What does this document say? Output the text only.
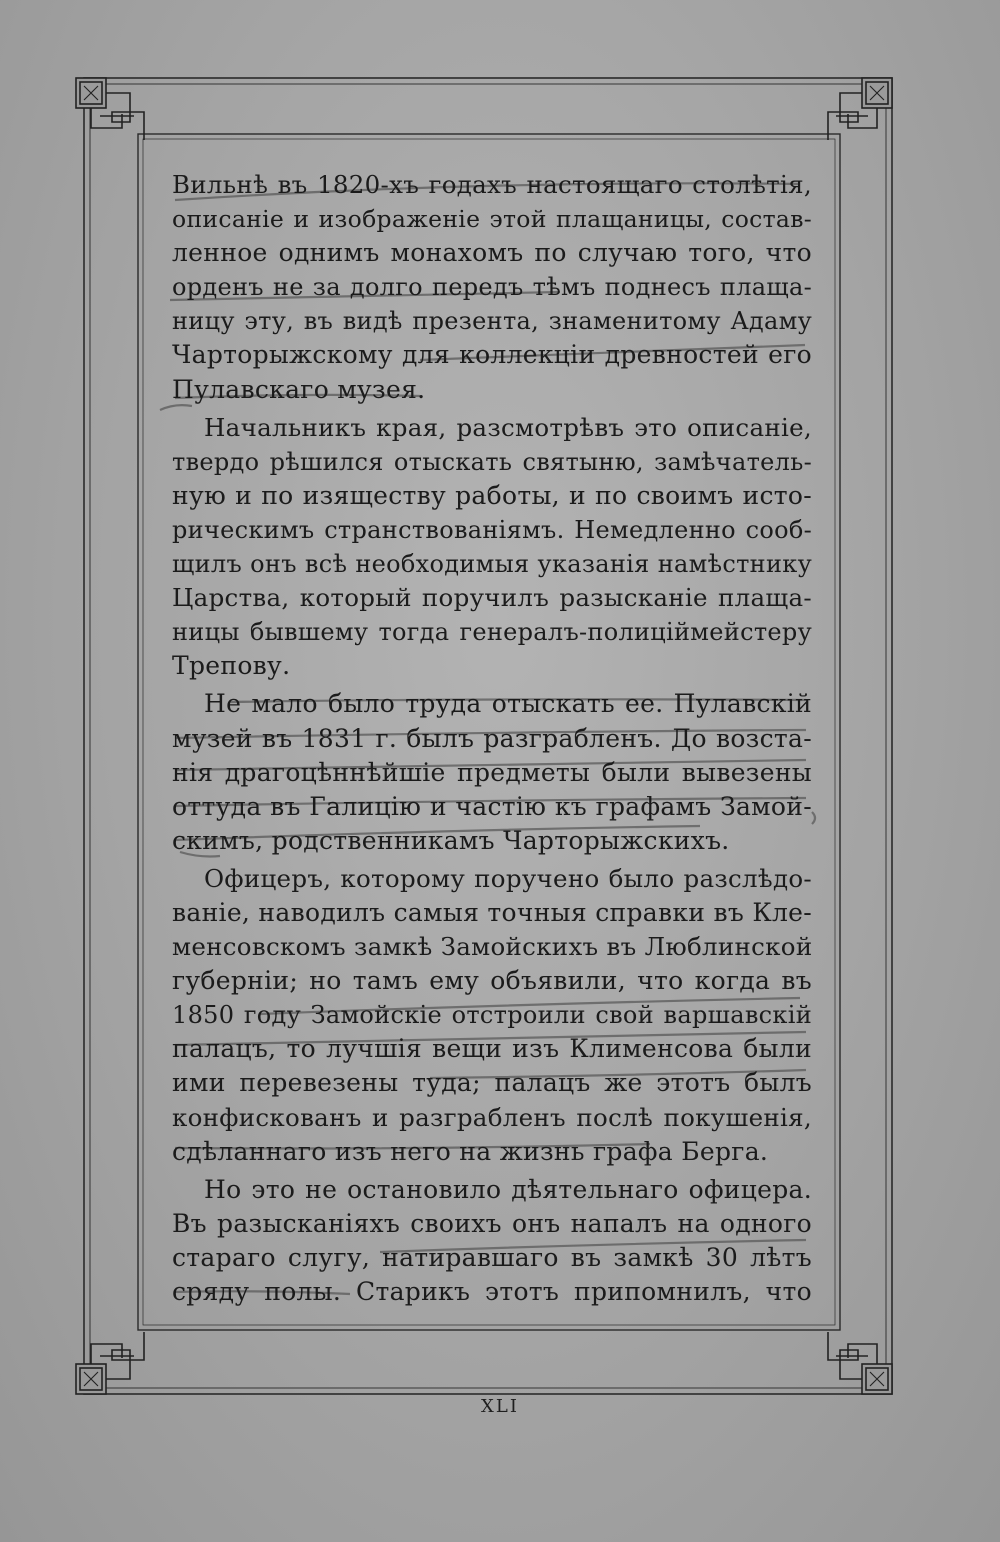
Вильнѣ въ 1820-хъ годахъ настоящаго столѣтія,
описаніе и изображеніе этой плащаницы, состав-
ленное однимъ монахомъ по случаю того, что
орденъ не за долго передъ тѣмъ поднесъ плаща-
ницу эту, въ видѣ презента, знаменитому Адаму
Чарторыжскому для коллекціи древностей его
Пулавскаго музея.
Начальникъ края, разсмотрѣвъ это описаніе,
твердо рѣшился отыскать святыню, замѣчатель-
ную и по изяществу работы, и по своимъ исто-
рическимъ странствованіямъ. Немедленно сооб-
щилъ онъ всѣ необходимыя указанія намѣстнику
Царства, который поручилъ разысканіе плаща-
ницы бывшему тогда генералъ-полиціймейстеру
Трепову.
Не мало было труда отыскать ее. Пулавскій
музей въ 1831 г. былъ разграбленъ. До возста-
нія драгоцѣннѣйшіе предметы были вывезены
оттуда въ Галицію и частію къ графамъ Замой-
скимъ, родственникамъ Чарторыжскихъ.
Офицеръ, которому поручено было разслѣдо-
ваніе, наводилъ самыя точныя справки въ Кле-
менсовскомъ замкѣ Замойскихъ въ Люблинской
губерніи; но тамъ ему объявили, что когда въ
1850 году Замойскіе отстроили свой варшавскій
палацъ, то лучшія вещи изъ Клименсова были
ими перевезены туда; палацъ же этотъ былъ
конфискованъ и разграбленъ послѣ покушенія,
сдѣланнаго изъ него на жизнь графа Берга.
Но это не остановило дѣятельнаго офицера.
Въ разысканіяхъ своихъ онъ напалъ на одного
стараго слугу, натиравшаго въ замкѣ 30 лѣтъ
сряду полы. Старикъ этотъ припомнилъ, что
XLI
